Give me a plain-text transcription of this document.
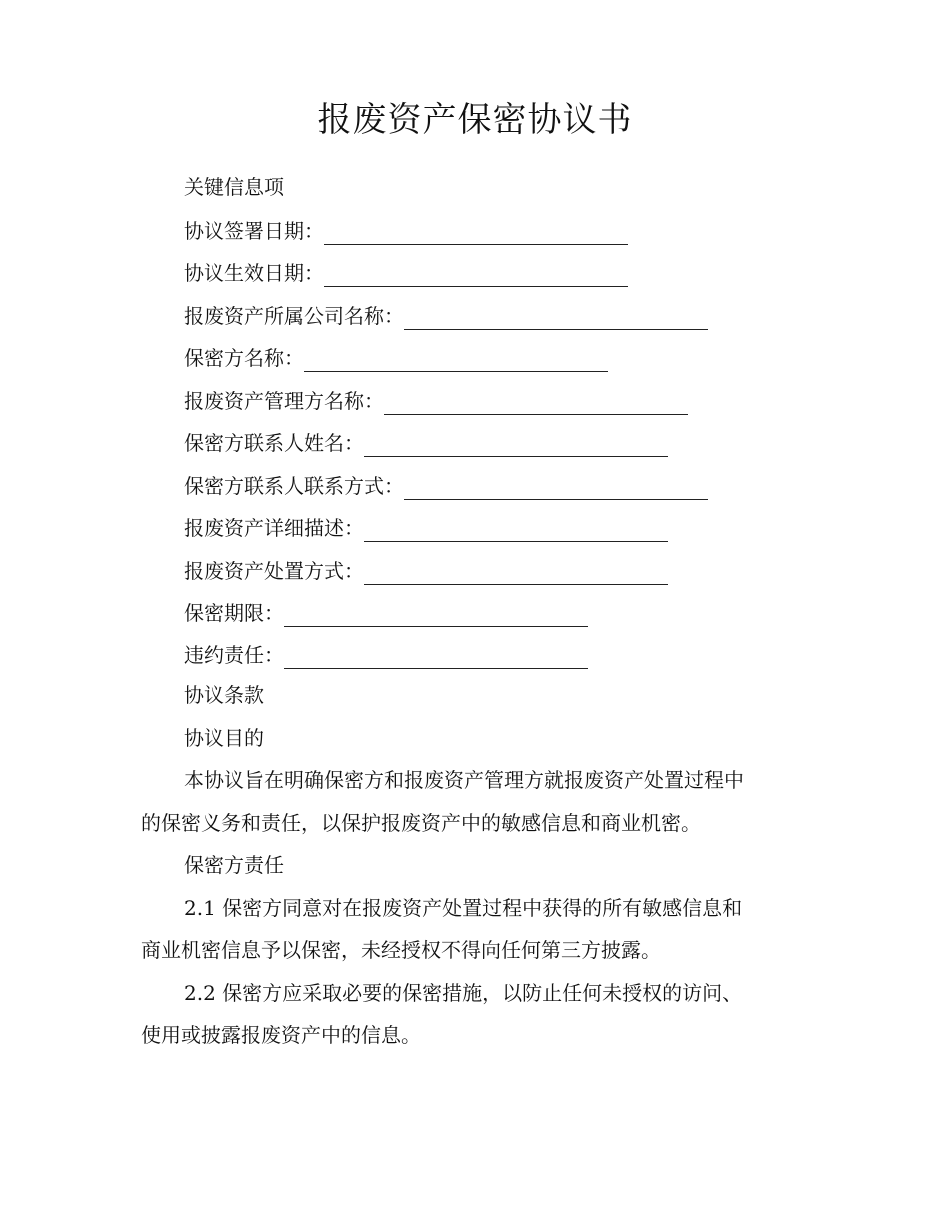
报废资产保密协议书
关键信息项
协议签署日期：
协议生效日期：
报废资产所属公司名称：
保密方名称：
报废资产管理方名称：
保密方联系人姓名：
保密方联系人联系方式：
报废资产详细描述：
报废资产处置方式：
保密期限：
违约责任：
协议条款
协议目的
本协议旨在明确保密方和报废资产管理方就报废资产处置过程中
的保密义务和责任，以保护报废资产中的敏感信息和商业机密。
保密方责任
2.1 保密方同意对在报废资产处置过程中获得的所有敏感信息和
商业机密信息予以保密，未经授权不得向任何第三方披露。
2.2 保密方应采取必要的保密措施，以防止任何未授权的访问、
使用或披露报废资产中的信息。
